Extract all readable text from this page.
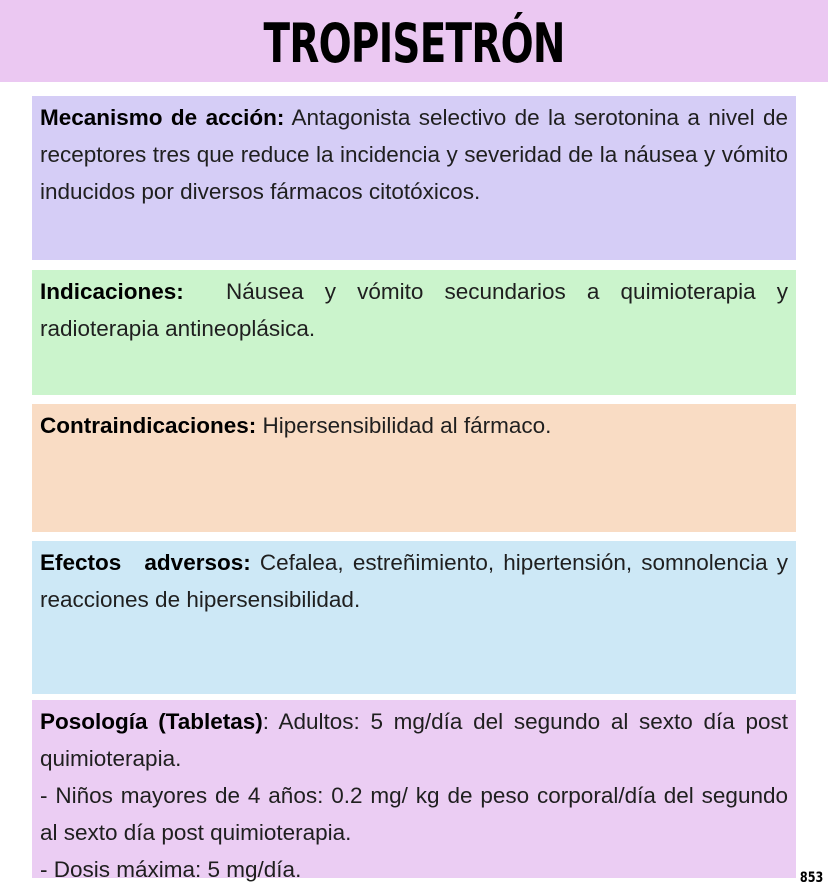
TROPISETRÓN

Mecanismo de acción: Antagonista selectivo de la serotonina a nivel de receptores tres que reduce la incidencia y severidad de la náusea y vómito inducidos por diversos fármacos citotóxicos.

Indicaciones:  Náusea y vómito secundarios a quimioterapia y radioterapia antineoplásica.

Contraindicaciones: Hipersensibilidad al fármaco.

Efectos adversos: Cefalea, estreñimiento, hipertensión, somnolencia y reacciones de hipersensibilidad.

Posología (Tabletas): Adultos: 5 mg/día del segundo al sexto día post quimioterapia.

- Niños mayores de 4 años: 0.2 mg/ kg de peso corporal/día del segundo al sexto día post quimioterapia.

- Dosis máxima: 5 mg/día.	853
